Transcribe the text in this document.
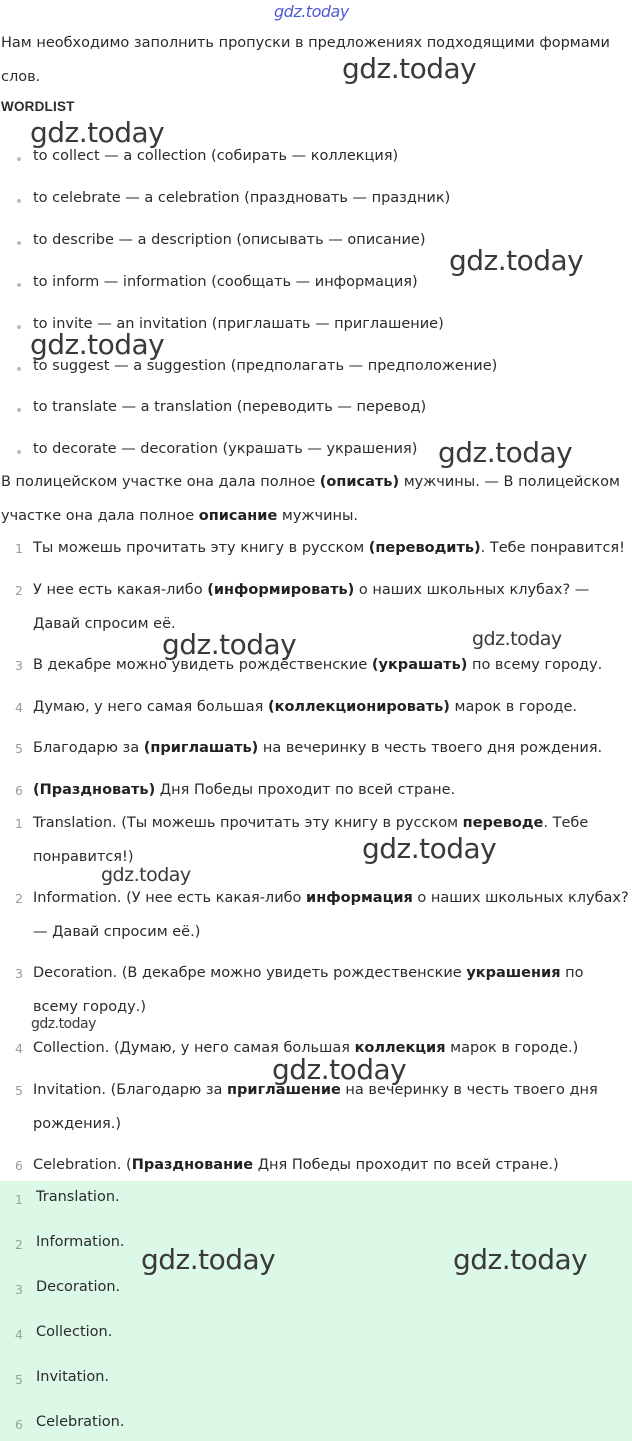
Нам необходимо заполнить пропуски в предложениях подходящими формами слов.
WORDLIST
to collect — a collection (собирать — коллекция)
to celebrate — a celebration (праздновать — праздник)
to describe — a description (описывать — описание)
to inform — information (сообщать — информация)
to invite — an invitation (приглашать — приглашение)
to suggest — a suggestion (предполагать — предположение)
to translate — a translation (переводить — перевод)
to decorate — decoration (украшать — украшения)
В полицейском участке она дала полное (описать) мужчины. — В полицейском
участке она дала полное описание мужчины.
1 Ты можешь прочитать эту книгу в русском (переводить). Тебе понравится!
2 У нее есть какая-либо (информировать) о наших школьных клубах? — Давай спросим её.
3 В декабре можно увидеть рождественские (украшать) по всему городу.
4 Думаю, у него самая большая (коллекционировать) марок в городе.
5 Благодарю за (приглашать) на вечеринку в честь твоего дня рождения.
6 (Праздновать) Дня Победы проходит по всей стране.
1 Translation. (Ты можешь прочитать эту книгу в русском переводе. Тебе понравится!)
2 Information. (У нее есть какая-либо информация о наших школьных клубах? — Давай спросим её.)
3 Decoration. (В декабре можно увидеть рождественские украшения по всему городу.)
4 Collection. (Думаю, у него самая большая коллекция марок в городе.)
5 Invitation. (Благодарю за приглашение на вечеринку в честь твоего дня рождения.)
6 Celebration. (Празднование Дня Победы проходит по всей стране.)
1 Translation.
2 Information.
3 Decoration.
4 Collection.
5 Invitation.
6 Celebration.
gdz.today
gdz.today
gdz.today
gdz.today
gdz.today
gdz.today
gdz.today	gdz.today
gdz.today
gdz.today
gdz.today
gdz.today
gdz.today	gdz.today
